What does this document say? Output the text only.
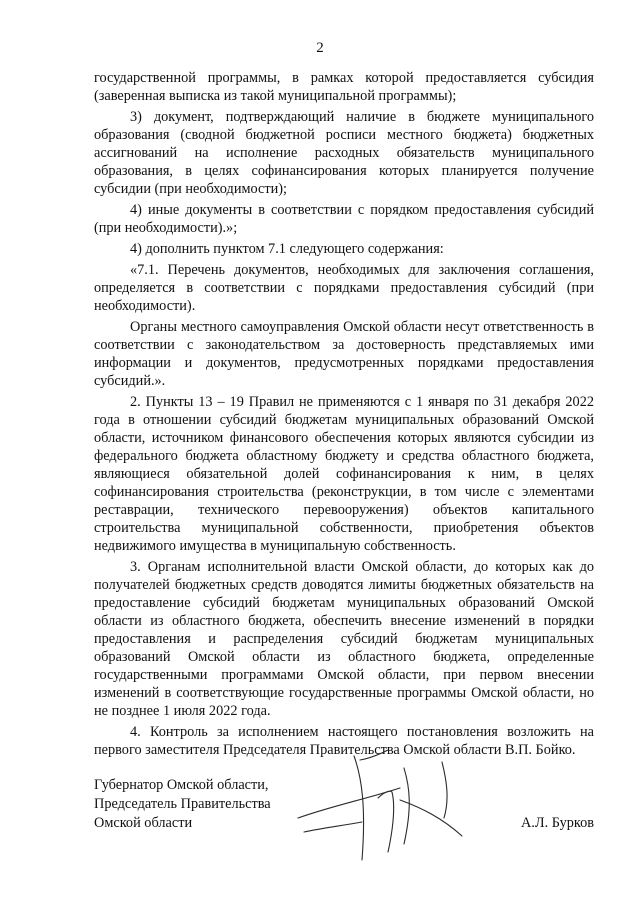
2

государственной программы, в рамках которой предоставляется субсидия (заверенная выписка из такой муниципальной программы);

3) документ, подтверждающий наличие в бюджете муниципального образования (сводной бюджетной росписи местного бюджета) бюджетных ассигнований на исполнение расходных обязательств муниципального образования, в целях софинансирования которых планируется получение субсидии (при необходимости);

4) иные документы в соответствии с порядком предоставления субсидий (при необходимости).»;

4) дополнить пунктом 7.1 следующего содержания:

«7.1. Перечень документов, необходимых для заключения соглашения, определяется в соответствии с порядками предоставления субсидий (при необходимости).

Органы местного самоуправления Омской области несут ответственность в соответствии с законодательством за достоверность представляемых ими информации и документов, предусмотренных порядками предоставления субсидий.».

2. Пункты 13 – 19 Правил не применяются с 1 января по 31 декабря 2022 года в отношении субсидий бюджетам муниципальных образований Омской области, источником финансового обеспечения которых являются субсидии из федерального бюджета областному бюджету и средства областного бюджета, являющиеся обязательной долей софинансирования к ним, в целях софинансирования строительства (реконструкции, в том числе с элементами реставрации, технического перевооружения) объектов капитального строительства муниципальной собственности, приобретения объектов недвижимого имущества в муниципальную собственность.

3. Органам исполнительной власти Омской области, до которых как до получателей бюджетных средств доводятся лимиты бюджетных обязательств на предоставление субсидий бюджетам муниципальных образований Омской области из областного бюджета, обеспечить внесение изменений в порядки предоставления и распределения субсидий бюджетам муниципальных образований Омской области из областного бюджета, определенные государственными программами Омской области, при первом внесении изменений в соответствующие государственные программы Омской области, но не позднее 1 июля 2022 года.

4. Контроль за исполнением настоящего постановления возложить на первого заместителя Председателя Правительства Омской области В.П. Бойко.

Губернатор Омской области,
Председатель Правительства
Омской области	А.Л. Бурков
